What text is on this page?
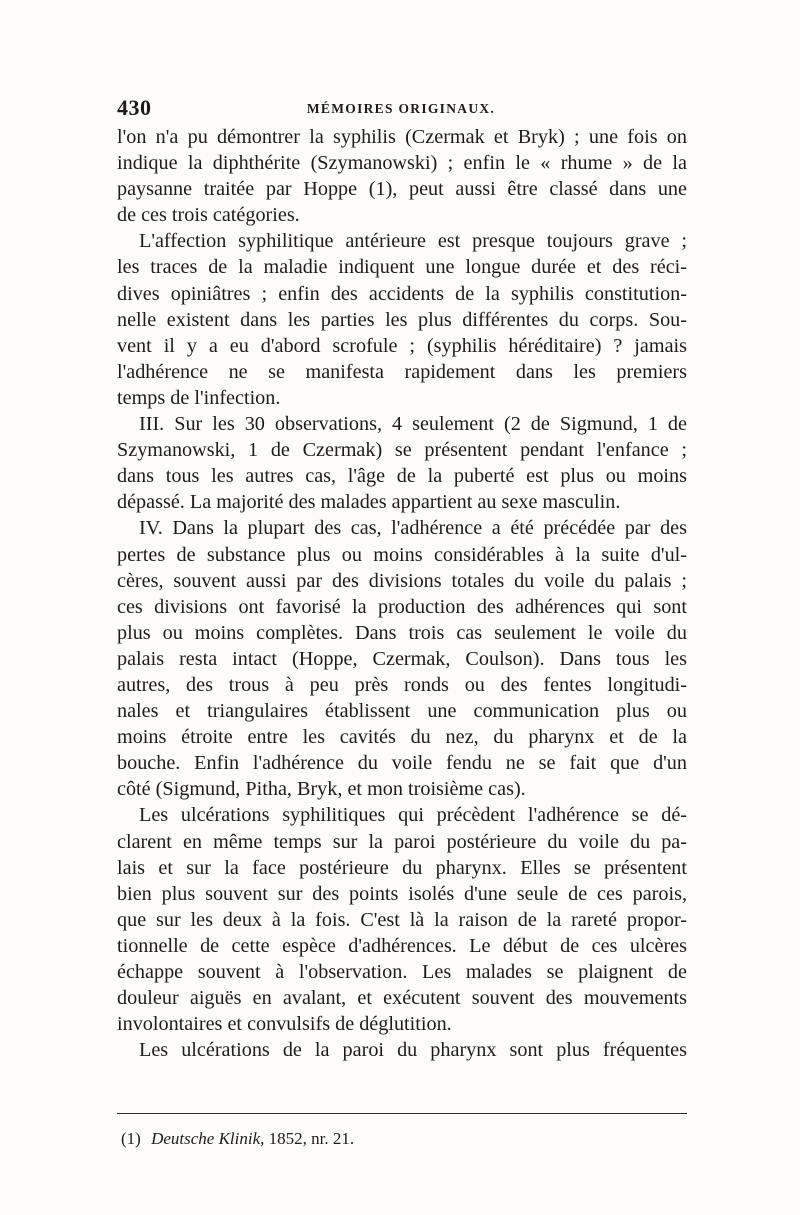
430	MÉMOIRES ORIGINAUX.
l'on n'a pu démontrer la syphilis (Czermak et Bryk) ; une fois on
indique la diphthérite (Szymanowski) ; enfin le « rhume » de la
paysanne traitée par Hoppe (1), peut aussi être classé dans une
de ces trois catégories.
L'affection syphilitique antérieure est presque toujours grave ;
les traces de la maladie indiquent une longue durée et des réci-
dives opiniâtres ; enfin des accidents de la syphilis constitution-
nelle existent dans les parties les plus différentes du corps. Sou-
vent il y a eu d'abord scrofule ; (syphilis héréditaire) ? jamais
l'adhérence ne se manifesta rapidement dans les premiers
temps de l'infection.
III. Sur les 30 observations, 4 seulement (2 de Sigmund, 1 de
Szymanowski, 1 de Czermak) se présentent pendant l'enfance ;
dans tous les autres cas, l'âge de la puberté est plus ou moins
dépassé. La majorité des malades appartient au sexe masculin.
IV. Dans la plupart des cas, l'adhérence a été précédée par des
pertes de substance plus ou moins considérables à la suite d'ul-
cères, souvent aussi par des divisions totales du voile du palais ;
ces divisions ont favorisé la production des adhérences qui sont
plus ou moins complètes. Dans trois cas seulement le voile du
palais resta intact (Hoppe, Czermak, Coulson). Dans tous les
autres, des trous à peu près ronds ou des fentes longitudi-
nales et triangulaires établissent une communication plus ou
moins étroite entre les cavités du nez, du pharynx et de la
bouche. Enfin l'adhérence du voile fendu ne se fait que d'un
côté (Sigmund, Pitha, Bryk, et mon troisième cas).
Les ulcérations syphilitiques qui précèdent l'adhérence se dé-
clarent en même temps sur la paroi postérieure du voile du pa-
lais et sur la face postérieure du pharynx. Elles se présentent
bien plus souvent sur des points isolés d'une seule de ces parois,
que sur les deux à la fois. C'est là la raison de la rareté propor-
tionnelle de cette espèce d'adhérences. Le début de ces ulcères
échappe souvent à l'observation. Les malades se plaignent de
douleur aiguës en avalant, et exécutent souvent des mouvements
involontaires et convulsifs de déglutition.
Les ulcérations de la paroi du pharynx sont plus fréquentes
(1) Deutsche Klinik, 1852, nr. 21.
